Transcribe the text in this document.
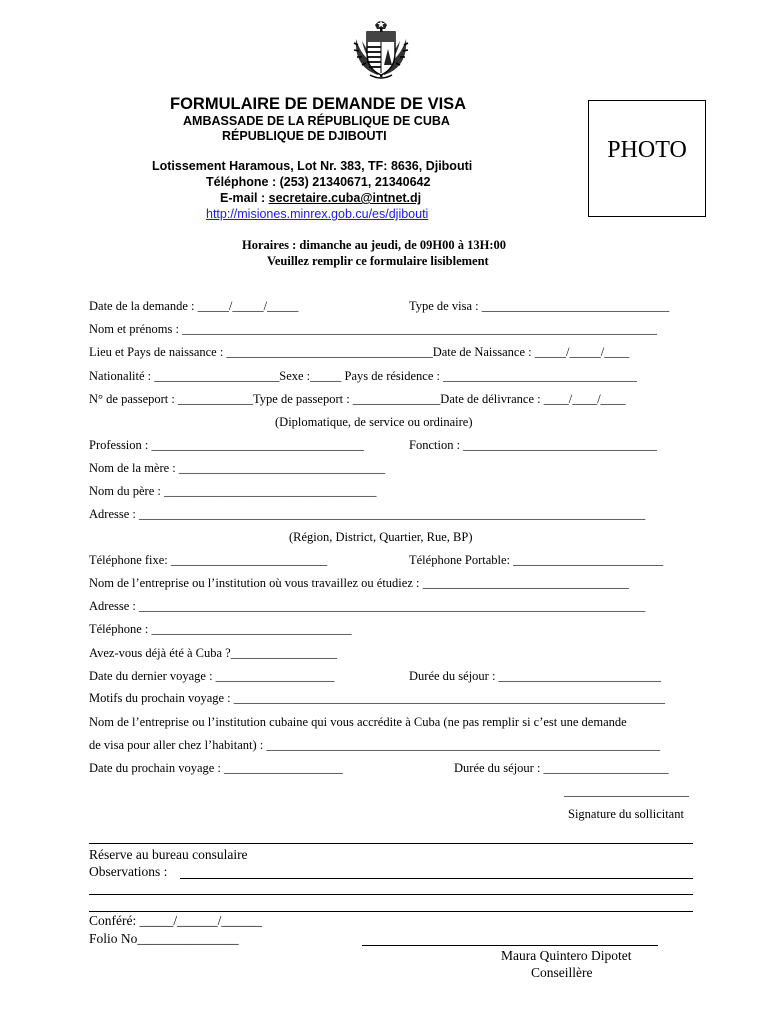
FORMULAIRE DE DEMANDE DE VISA
AMBASSADE DE LA RÉPUBLIQUE DE CUBA
RÉPUBLIQUE DE DJIBOUTI
Lotissement Haramous, Lot Nr. 383, TF: 8636, Djibouti
Téléphone : (253) 21340671, 21340642
E-mail : secretaire.cuba@intnet.dj
http://misiones.minrex.gob.cu/es/djibouti
PHOTO
Horaires : dimanche au jeudi, de 09H00 à 13H:00
Veuillez remplir ce formulaire lisiblement
Date de la demande : _____/_____/_____	Type de visa : ______________________________
Nom et prénoms : ____________________________________________________________________________
Lieu et Pays de naissance : _________________________________Date de Naissance : _____/_____/____
Nationalité : ____________________Sexe :_____ Pays de résidence : _______________________________
N° de passeport : ____________Type de passeport : ______________Date de délivrance : ____/____/____
(Diplomatique, de service ou ordinaire)
Profession : __________________________________	Fonction : _______________________________
Nom de la mère : _________________________________
Nom du père : __________________________________
Adresse : _________________________________________________________________________________
(Région, District, Quartier, Rue, BP)
Téléphone fixe: _________________________	Téléphone Portable: ________________________
Nom de l’entreprise ou l’institution où vous travaillez ou étudiez : _________________________________
Adresse : _________________________________________________________________________________
Téléphone : ________________________________
Avez-vous déjà été à Cuba ?_________________
Date du dernier voyage : ___________________	Durée du séjour : __________________________
Motifs du prochain voyage : _____________________________________________________________________
Nom de l’entreprise ou l’institution cubaine qui vous accrédite à Cuba (ne pas remplir si c’est une demande
de visa pour aller chez l’habitant) : _______________________________________________________________
Date du prochain voyage : ___________________	Durée du séjour : ____________________
____________________
Signature du sollicitant
Réserve au bureau consulaire
Observations :
Conféré: _____/______/______
Folio No_______________
Maura Quintero Dipotet
Conseillère
